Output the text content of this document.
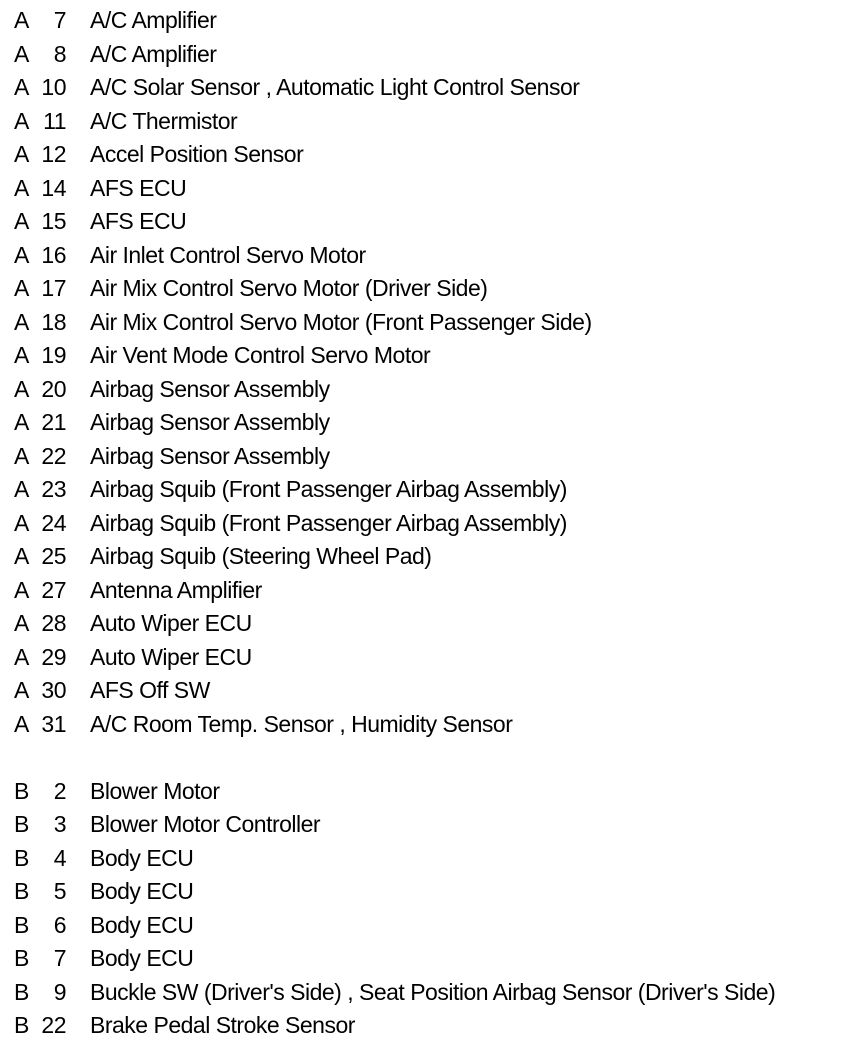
A	7	A/C Amplifier
A	8	A/C Amplifier
A 10	A/C Solar Sensor , Automatic Light Control Sensor
A 11	A/C Thermistor
A 12	Accel Position Sensor
A 14	AFS ECU
A 15	AFS ECU
A 16	Air Inlet Control Servo Motor
A 17	Air Mix Control Servo Motor (Driver Side)
A 18	Air Mix Control Servo Motor (Front Passenger Side)
A 19	Air Vent Mode Control Servo Motor
A 20	Airbag Sensor Assembly
A 21	Airbag Sensor Assembly
A 22	Airbag Sensor Assembly
A 23	Airbag Squib (Front Passenger Airbag Assembly)
A 24	Airbag Squib (Front Passenger Airbag Assembly)
A 25	Airbag Squib (Steering Wheel Pad)
A 27	Antenna Amplifier
A 28	Auto Wiper ECU
A 29	Auto Wiper ECU
A 30	AFS Off SW
A 31	A/C Room Temp. Sensor , Humidity Sensor
B	2	Blower Motor
B	3	Blower Motor Controller
B	4	Body ECU
B	5	Body ECU
B	6	Body ECU
B	7	Body ECU
B	9	Buckle SW (Driver's Side) , Seat Position Airbag Sensor (Driver's Side)
B 22	Brake Pedal Stroke Sensor
